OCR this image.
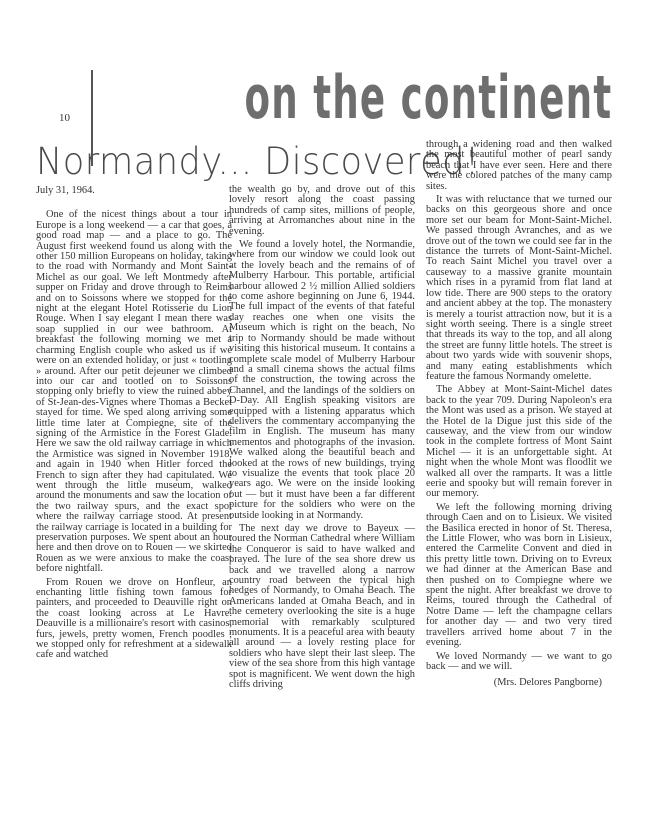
10	on the continent
Normandy... Discovered!

July 31, 1964.

One of the nicest things about a tour in Europe is a long weekend — a car that goes, a good road map — and a place to go. The August first weekend found us along with the other 150 million Europeans on holiday, taking to the road with Normandy and Mont Saint-Michel as our goal. We left Montmedy after supper on Friday and drove through to Reims and on to Soissons where we stopped for the night at the elegant Hotel Rotisserie du Lion Rouge. When I say elegant I mean there was soap supplied in our wee bathroom. At breakfast the following morning we met a charming English couple who asked us if we were on an extended holiday, or just « tootling » around. After our petit dejeuner we climbed into our car and tootled on to Soissons stopping only briefly to view the ruined abbey of St-Jean-des-Vignes where Thomas a Becket stayed for time. We sped along arriving some little time later at Compiegne, site of the signing of the Armistice in the Forest Glade. Here we saw the old railway carriage in which the Armistice was signed in November 1918, and again in 1940 when Hitler forced the French to sign after they had capitulated. We went through the little museum, walked around the monuments and saw the location of the two railway spurs, and the exact spot where the railway carriage stood. At present the railway carriage is located in a building for preservation purposes. We spent about an hour here and then drove on to Rouen — we skirted Rouen as we were anxious to make the coast before nightfall.

From Rouen we drove on Honfleur, an enchanting little fishing town famous for painters, and proceeded to Deauville right on the coast looking across at Le Havre. Deauville is a millionaire's resort with casinos, furs, jewels, pretty women, French poodles ; we stopped only for refreshment at a sidewalk cafe and watched

the wealth go by, and drove out of this lovely resort along the coast passing hundreds of camp sites, millions of people, arriving at Arromanches about nine in the evening.

We found a lovely hotel, the Normandie, where from our window we could look out at the lovely beach and the remains of of Mulberry Harbour. This portable, artificial harbour allowed 2 ½ million Allied soldiers to come ashore beginning on June 6, 1944. The full impact of the events of that fateful day reaches one when one visits the Museum which is right on the beach, No trip to Normandy should be made without visiting this historical museum. It contains a complete scale model of Mulberry Harbour and a small cinema shows the actual films of the construction, the towing across the Channel, and the landings of the soldiers on D-Day. All English speaking visitors are equipped with a listening apparatus which delivers the commentary accompanying the film in English. The museum has many mementos and photographs of the invasion. We walked along the beautiful beach and looked at the rows of new buildings, trying to visualize the events that took place 20 years ago. We were on the inside looking out — but it must have been a far different picture for the soldiers who were on the outside looking in at Normandy.

The next day we drove to Bayeux — toured the Norman Cathedral where William the Conqueror is said to have walked and prayed. The lure of the sea shore drew us back and we travelled along a narrow country road between the typical high hedges of Normandy, to Omaha Beach. The Americans landed at Omaha Beach, and in the cemetery overlooking the site is a huge memorial with remarkably sculptured monuments. It is a peaceful area with beauty all around — a lovely resting place for soldiers who have slept their last sleep. The view of the sea shore from this high vantage spot is magnificent. We went down the high cliffs driving

through a widening road and then walked the most beautiful mother of pearl sandy beach that I have ever seen. Here and there were the colored patches of the many camp sites.

It was with reluctance that we turned our backs on this georgeous shore and once more set our beam for Mont-Saint-Michel. We passed through Avranches, and as we drove out of the town we could see far in the distance the turrets of Mont-Saint-Michel. To reach Saint Michel you travel over a causeway to a massive granite mountain which rises in a pyramid from flat land at low tide. There are 900 steps to the oratory and ancient abbey at the top. The monastery is merely a tourist attraction now, but it is a sight worth seeing. There is a single street that threads its way to the top, and all along the street are funny little hotels. The street is about two yards wide with souvenir shops, and many eating establishments which feature the famous Normandy omelette.

The Abbey at Mont-Saint-Michel dates back to the year 709. During Napoleon's era the Mont was used as a prison. We stayed at the Hotel de la Digue just this side of the causeway, and the view from our window took in the complete fortress of Mont Saint Michel — it is an unforgettable sight. At night when the whole Mont was floodlit we walked all over the ramparts. It was a little eerie and spooky but will remain forever in our memory.

We left the following morning driving through Caen and on to Lisieux. We visited the Basilica erected in honor of St. Theresa, the Little Flower, who was born in Lisieux, entered the Carmelite Convent and died in this pretty little town. Driving on to Evreux we had dinner at the American Base and then pushed on to Compiegne where we spent the night. After breakfast we drove to Reims, toured through the Cathedral of Notre Dame — left the champagne cellars for another day — and two very tired travellers arrived home about 7 in the evening.

We loved Normandy — we want to go back — and we will.

(Mrs. Delores Pangborne)
